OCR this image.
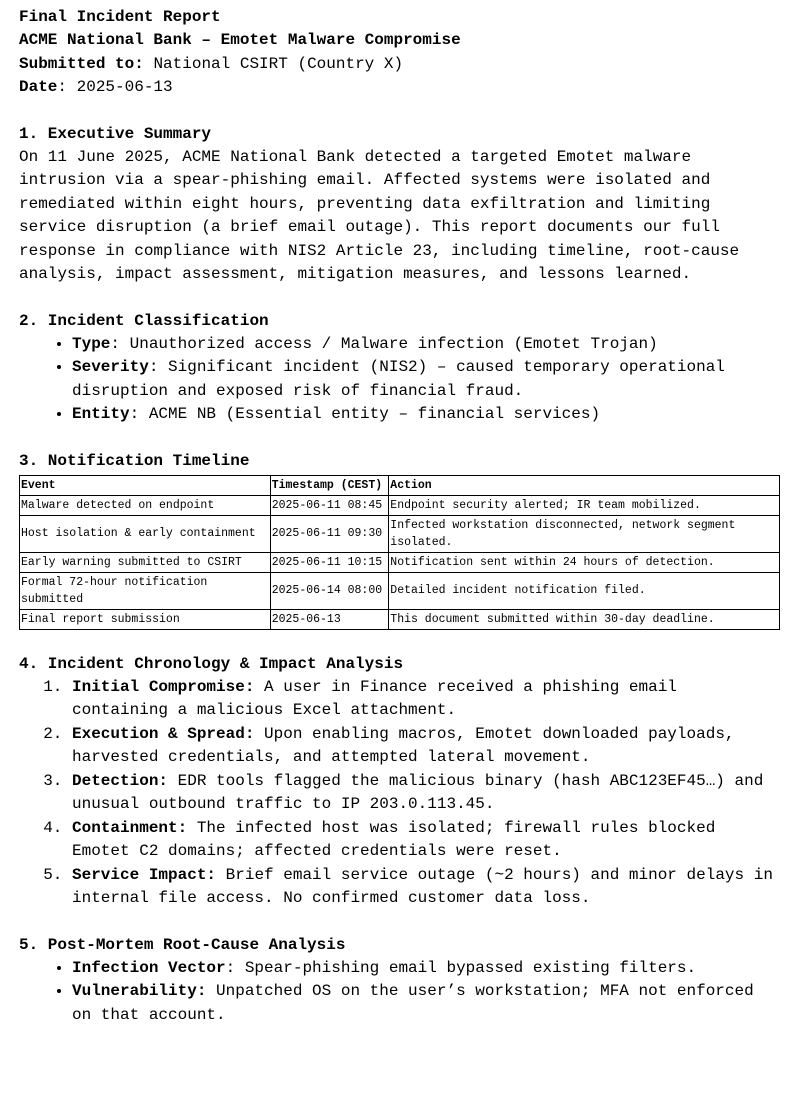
Final Incident Report
ACME National Bank – Emotet Malware Compromise
Submitted to: National CSIRT (Country X)
Date: 2025-06-13
1. Executive Summary

On 11 June 2025, ACME National Bank detected a targeted Emotet malware intrusion via a spear-phishing email. Affected systems were isolated and remediated within eight hours, preventing data exfiltration and limiting service disruption (a brief email outage). This report documents our full response in compliance with NIS2 Article 23, including timeline, root-cause analysis, impact assessment, mitigation measures, and lessons learned.

2. Incident Classification
• Type: Unauthorized access / Malware infection (Emotet Trojan)
• Severity: Significant incident (NIS2) – caused temporary operational disruption and exposed risk of financial fraud.
• Entity: ACME NB (Essential entity – financial services)
3. Notification Timeline
Event	Timestamp (CEST)	Action
Malware detected on endpoint	2025-06-11 08:45	Endpoint security alerted; IR team mobilized.
Host isolation & early containment	2025-06-11 09:30	Infected workstation disconnected, network segment isolated.
Early warning submitted to CSIRT	2025-06-11 10:15	Notification sent within 24 hours of detection.
Formal 72-hour notification submitted	2025-06-14 08:00	Detailed incident notification filed.
Final report submission	2025-06-13	This document submitted within 30-day deadline.
4. Incident Chronology & Impact Analysis
1. Initial Compromise: A user in Finance received a phishing email containing a malicious Excel attachment.
2. Execution & Spread: Upon enabling macros, Emotet downloaded payloads, harvested credentials, and attempted lateral movement.
3. Detection: EDR tools flagged the malicious binary (hash ABC123EF45…) and unusual outbound traffic to IP 203.0.113.45.
4. Containment: The infected host was isolated; firewall rules blocked Emotet C2 domains; affected credentials were reset.
5. Service Impact: Brief email service outage (~2 hours) and minor delays in internal file access. No confirmed customer data loss.
5. Post-Mortem Root-Cause Analysis
• Infection Vector: Spear-phishing email bypassed existing filters.
• Vulnerability: Unpatched OS on the user’s workstation; MFA not enforced on that account.
